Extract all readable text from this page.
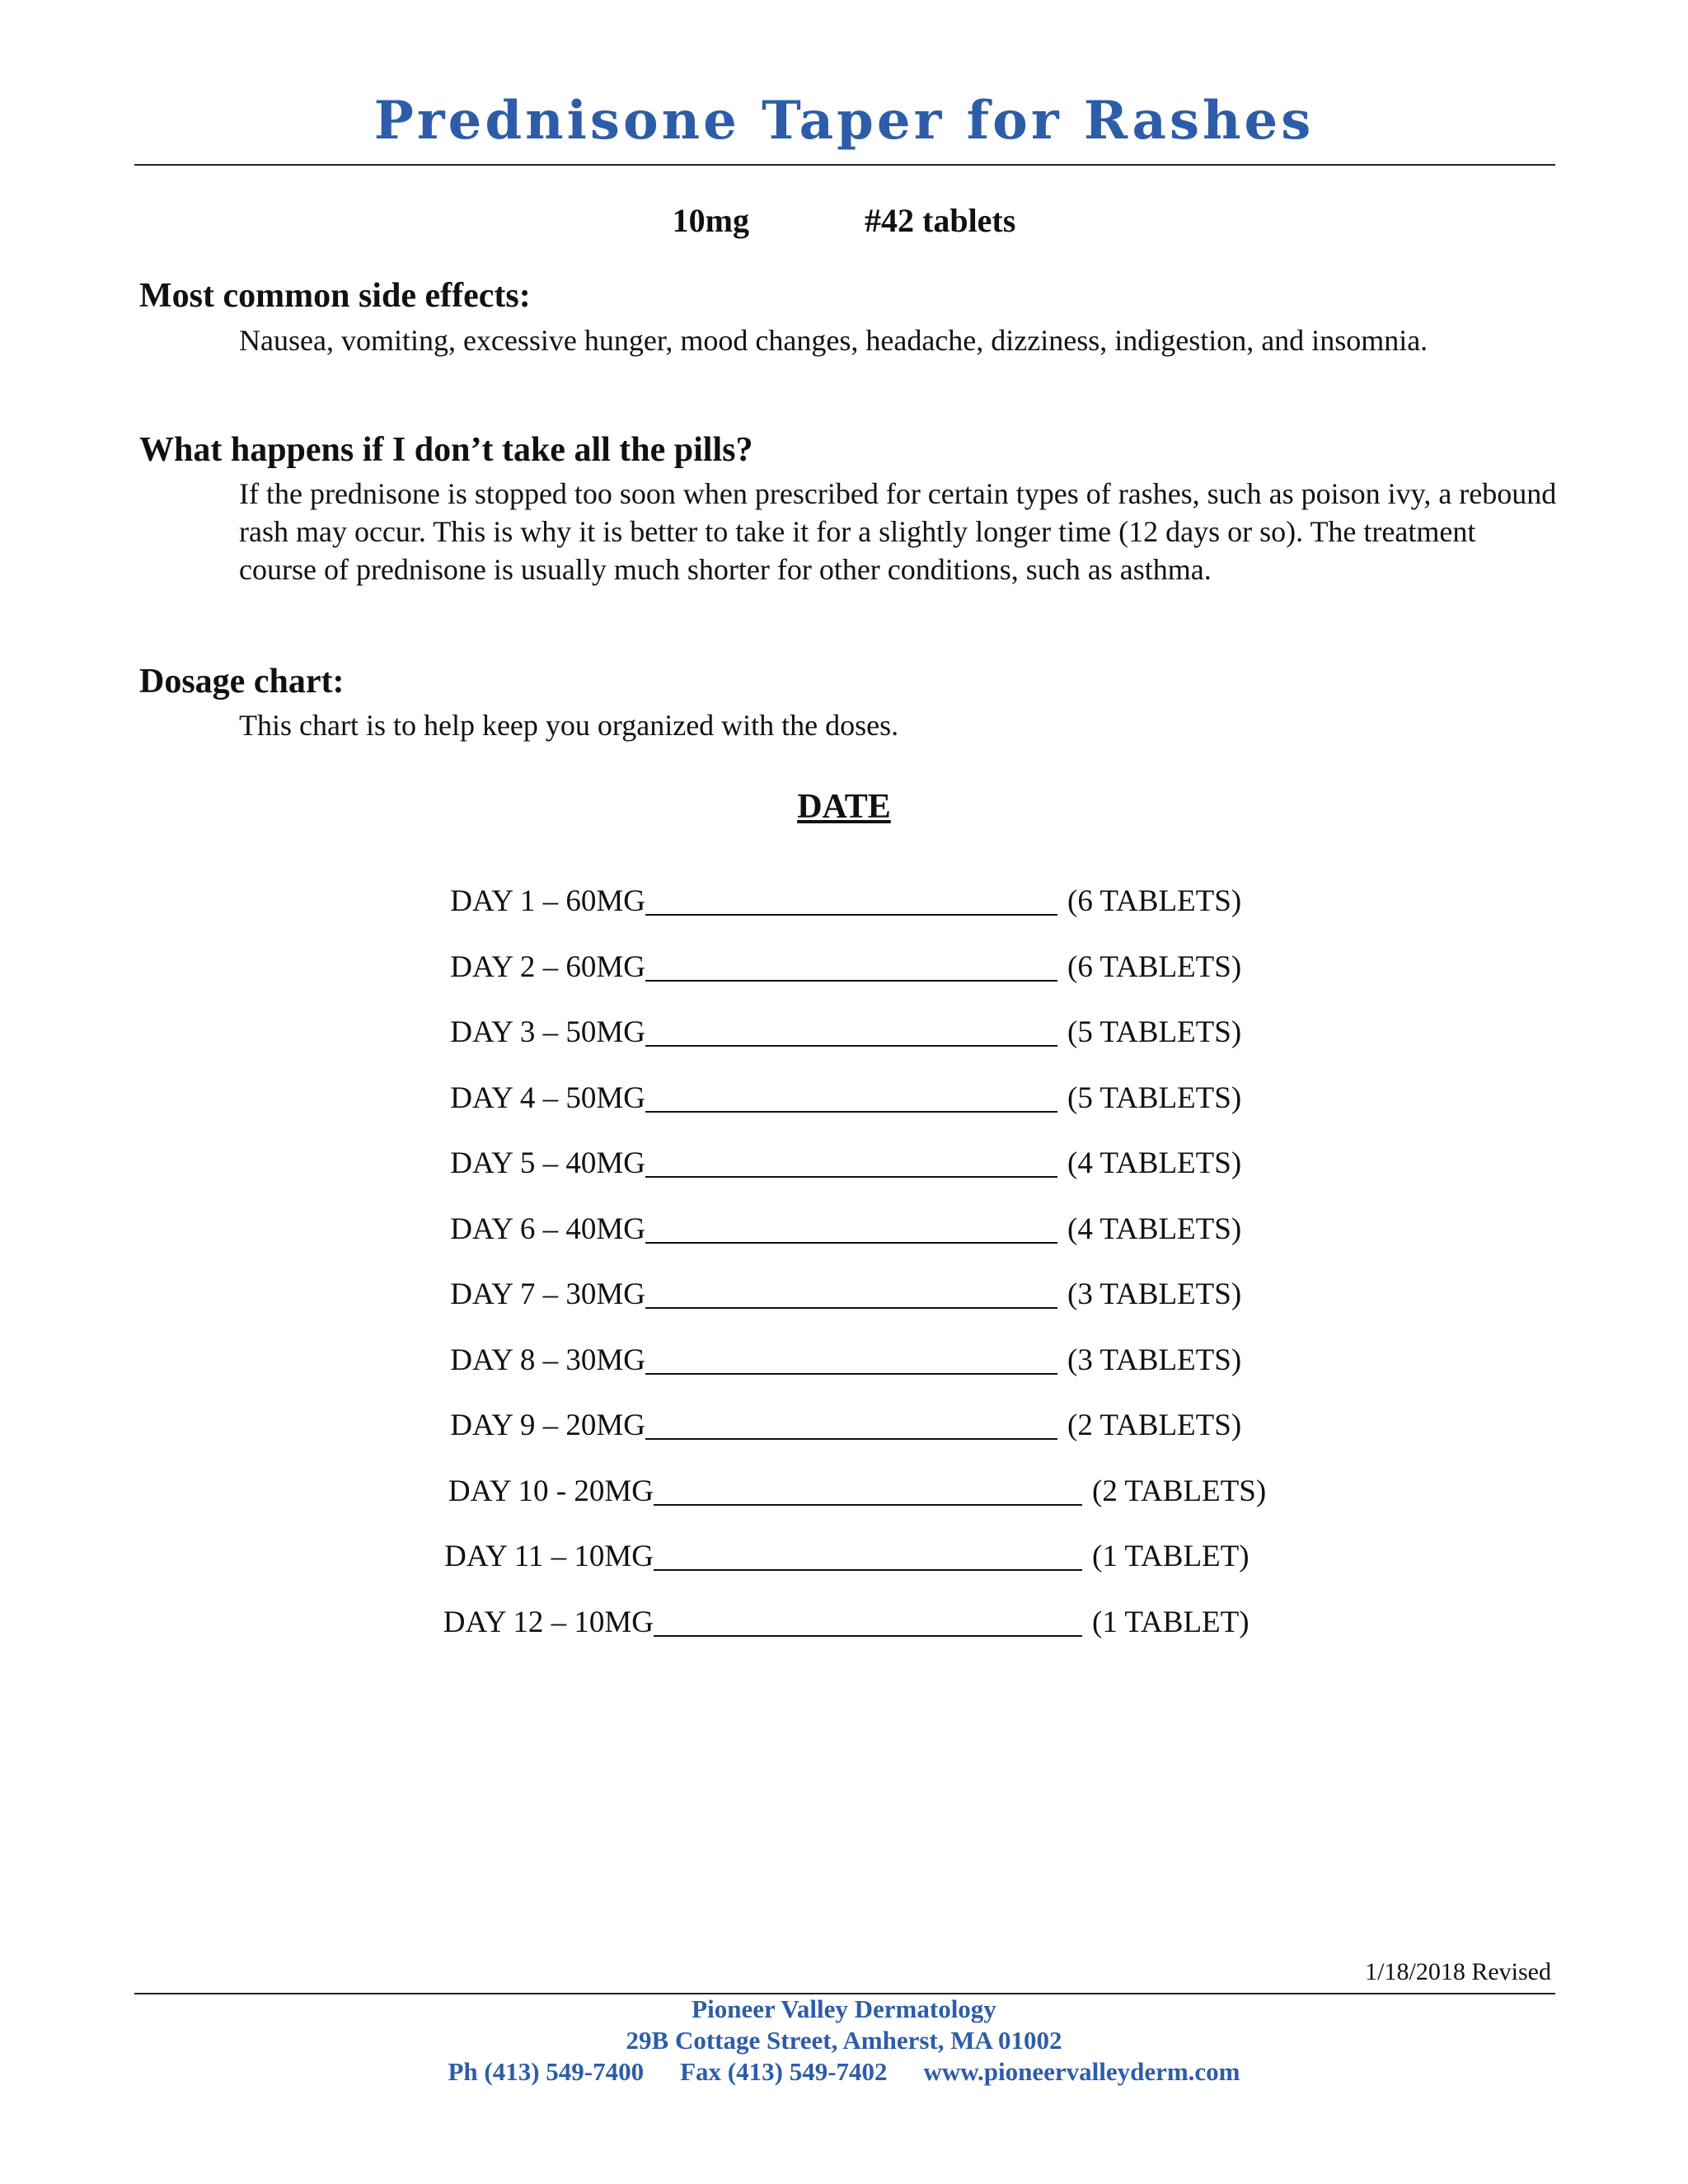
Prednisone Taper for Rashes
10mg	#42 tablets
Most common side effects:
Nausea, vomiting, excessive hunger, mood changes, headache, dizziness, indigestion, and insomnia.
What happens if I don’t take all the pills?
If the prednisone is stopped too soon when prescribed for certain types of rashes, such as poison ivy, a rebound rash may occur. This is why it is better to take it for a slightly longer time (12 days or so). The treatment course of prednisone is usually much shorter for other conditions, such as asthma.
Dosage chart:
This chart is to help keep you organized with the doses.
DATE
DAY 1 – 60MG	(6 TABLETS)
DAY 2 – 60MG	(6 TABLETS)
DAY 3 – 50MG	(5 TABLETS)
DAY 4 – 50MG	(5 TABLETS)
DAY 5 – 40MG	(4 TABLETS)
DAY 6 – 40MG	(4 TABLETS)
DAY 7 – 30MG	(3 TABLETS)
DAY 8 – 30MG	(3 TABLETS)
DAY 9 – 20MG	(2 TABLETS)
DAY 10 - 20MG	(2 TABLETS)
DAY 11 – 10MG	(1 TABLET)
DAY 12 – 10MG	(1 TABLET)
1/18/2018 Revised
Pioneer Valley Dermatology
29B Cottage Street, Amherst, MA 01002
Ph (413) 549-7400 Fax (413) 549-7402 www.pioneervalleyderm.com
